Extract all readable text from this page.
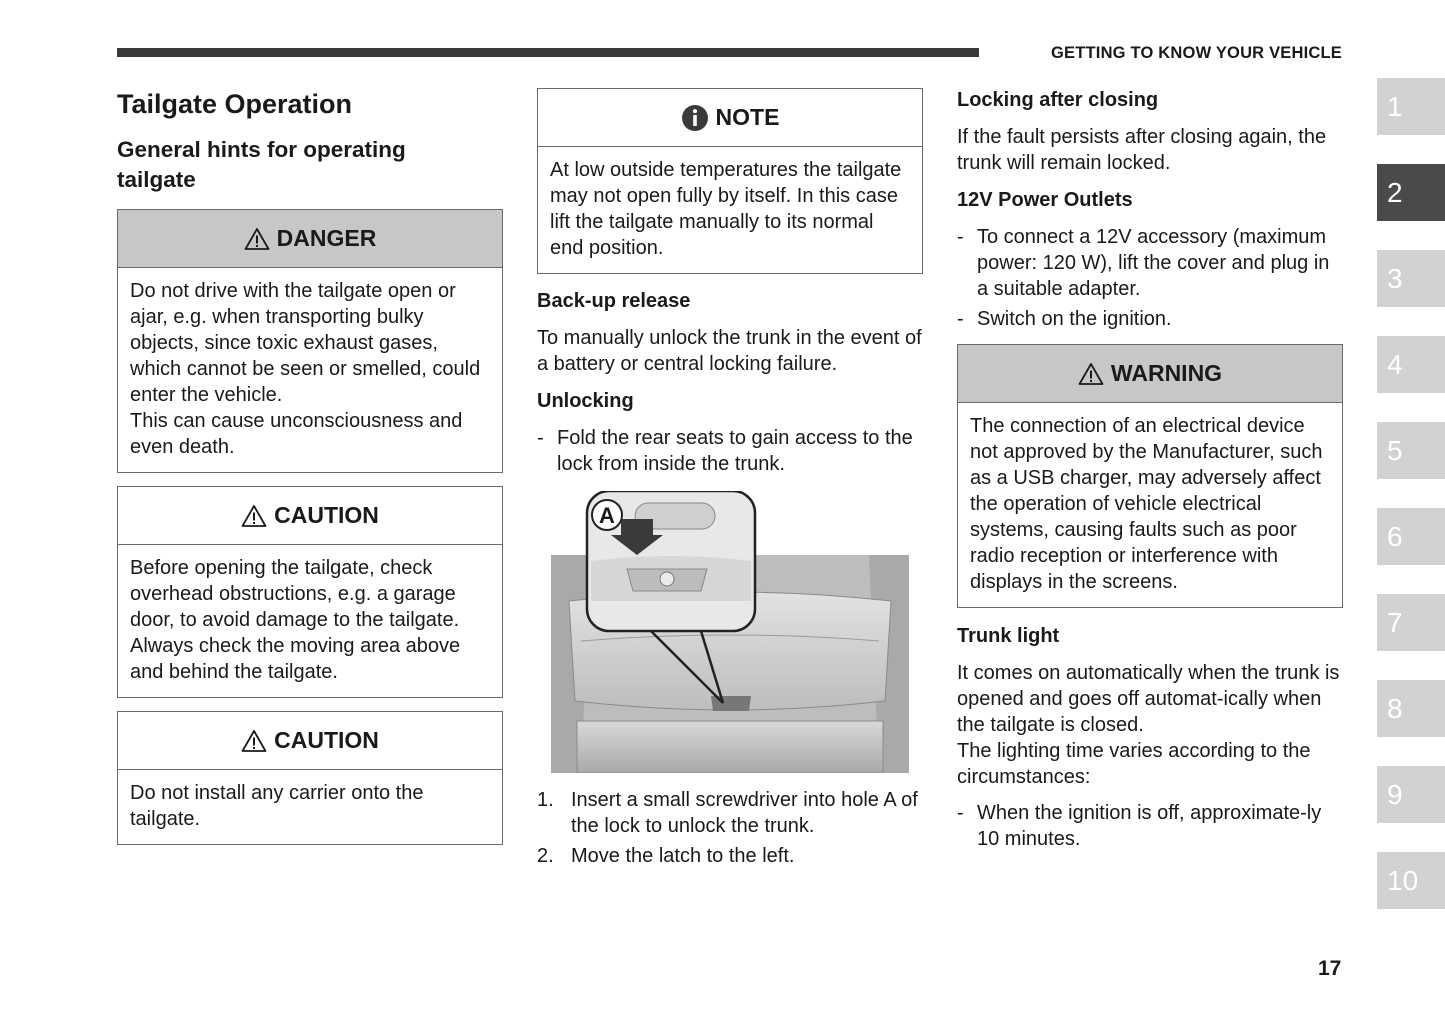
GETTING TO KNOW YOUR VEHICLE
Tailgate Operation
General hints for operating tailgate
DANGER
Do not drive with the tailgate open or ajar, e.g. when transporting bulky objects, since toxic exhaust gases, which cannot be seen or smelled, could enter the vehicle.
This can cause unconsciousness and even death.
CAUTION
Before opening the tailgate, check overhead obstructions, e.g. a garage door, to avoid damage to the tailgate. Always check the moving area above and behind the tailgate.
CAUTION
Do not install any carrier onto the tailgate.
NOTE
At low outside temperatures the tailgate may not open fully by itself. In this case lift the tailgate manually to its normal end position.
Back-up release

To manually unlock the trunk in the event of a battery or central locking failure.

Unlocking
- Fold the rear seats to gain access to the lock from inside the trunk.
A
1. Insert a small screwdriver into hole A of the lock to unlock the trunk.
2. Move the latch to the left.
Locking after closing

If the fault persists after closing again, the trunk will remain locked.

12V Power Outlets
- To connect a 12V accessory (maximum power: 120 W), lift the cover and plug in a suitable adapter.
- Switch on the ignition.
WARNING
The connection of an electrical device not approved by the Manufacturer, such as a USB charger, may adversely affect the operation of vehicle electrical systems, causing faults such as poor radio reception or interference with displays in the screens.
Trunk light

It comes on automatically when the trunk is opened and goes off automat-ically when the tailgate is closed.
The lighting time varies according to the circumstances:

- When the ignition is off, approximate-ly 10 minutes.
1
2
3
4
5
6
7
8
9
10
17
